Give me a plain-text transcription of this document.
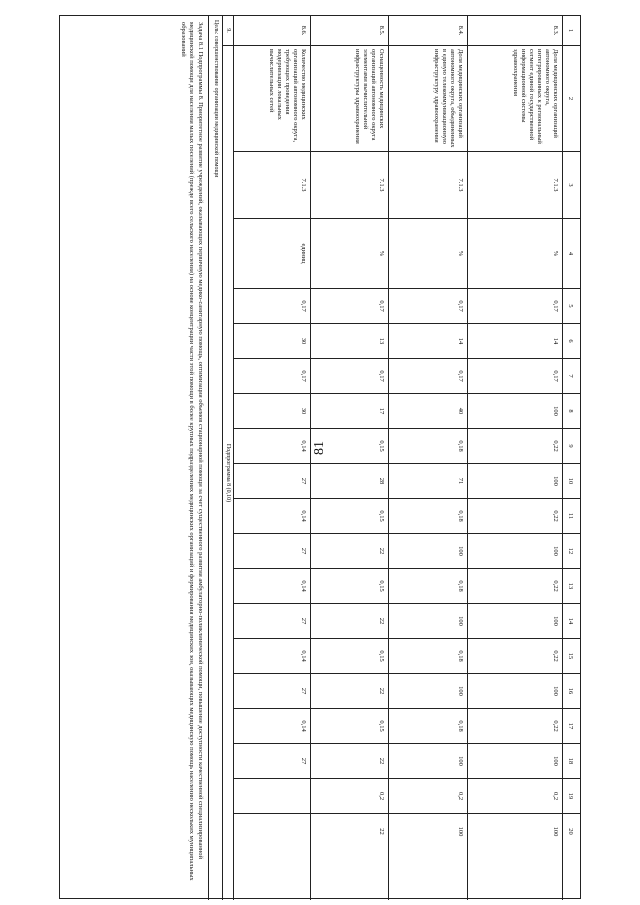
81
1
2
3
4
5
6
7
8
9
10
11
12
13
14
15
16
17
18
19
20
8.3.
Доля медицинских организаций автономного округа, интегрированных к региональный сегмент единой государственной информационной системы здравоохранения
7.1.3
%
0,17
14
0,17
100
0,22
100
0,22
100
0,22
100
0,22
100
0,22
100
0,2
100
8.4.
Доля медицинских организаций автономного округа, объединенных в единую телекоммуникационную инфраструктуру здравоохранения
7.1.3
%
0,17
14
0,17
40
0,18
71
0,18
100
0,18
100
0,18
100
0,18
100
0,2
100
8.5.
Оснащенность медицинских организаций автономного округа элементами вычислительной инфраструктуры здравоохранения
7.1.3
%
0,17
13
0,17
17
0,15
28
0,15
22
0,15
22
0,15
22
0,15
22
0,2
22
8.6.
Количество медицинских организаций автономного округа, требующих проведения модернизации локальных вычислительных сетей
7.1.3
единиц
0,17
30
0,17
30
0,14
27
0,14
27
0,14
27
0,14
27
0,14
27
9.
Подпрограмма 8 (0,10)
Цель: совершенствование организации медицинской помощи
Задача 8.1 Подпрограммы 8. Приоритетное развитие учреждений, оказывающих первичную медико-санитарную помощь, оптимизация объемов стационарной помощи за счет существенного развития амбулаторно-поликлинической помощи, повышение доступности качественной специализированной медицинской помощи для населения малых поселений (прежде всего сельского населения) на основе концентрации части этой помощи в более крупных подразделениях медицинских организаций и формирования медицинских зон, оказывающих медицинскую помощь населению нескольких муниципальных образований
